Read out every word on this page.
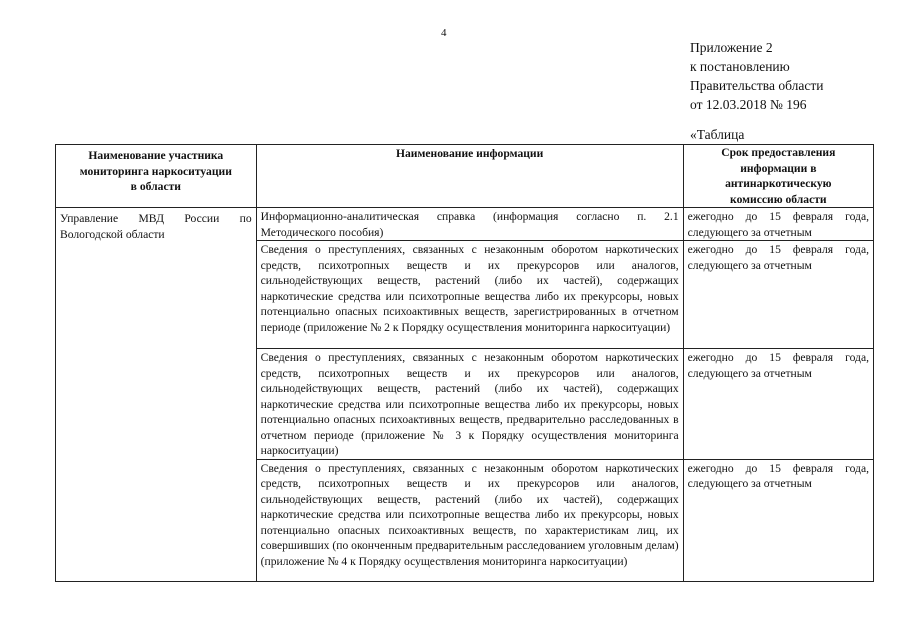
4
Приложение 2
к постановлению
Правительства области
от 12.03.2018 № 196
«Таблица
Наименование участника мониторинга наркоситуации в области	Наименование информации	Срок предоставления информации в антинаркотическую комиссию области
Управление МВД России по Вологодской области	Информационно-аналитическая справка (информация согласно п. 2.1 Методического пособия)	ежегодно до 15 февраля года, следующего за отчетным
	Сведения о преступлениях, связанных с незаконным оборотом наркотических средств, психотропных веществ и их прекурсоров или аналогов, сильнодействующих веществ, растений (либо их частей), содержащих наркотические средства или психотропные вещества либо их прекурсоры, новых потенциально опасных психоактивных веществ, зарегистрированных в отчетном периоде (приложение № 2 к Порядку осуществления мониторинга наркоситуации)	ежегодно до 15 февраля года, следующего за отчетным
	Сведения о преступлениях, связанных с незаконным оборотом наркотических средств, психотропных веществ и их прекурсоров или аналогов, сильнодействующих веществ, растений (либо их частей), содержащих наркотические средства или психотропные вещества либо их прекурсоры, новых потенциально опасных психоактивных веществ, предварительно расследованных в отчетном периоде (приложение № 3 к Порядку осуществления мониторинга наркоситуации)	ежегодно до 15 февраля года, следующего за отчетным
	Сведения о преступлениях, связанных с незаконным оборотом наркотических средств, психотропных веществ и их прекурсоров или аналогов, сильнодействующих веществ, растений (либо их частей), содержащих наркотические средства или психотропные вещества либо их прекурсоры, новых потенциально опасных психоактивных веществ, по характеристикам лиц, их совершивших (по оконченным предварительным расследованием уголовным делам) (приложение № 4 к Порядку осуществления мониторинга наркоситуации)	ежегодно до 15 февраля года, следующего за отчетным
